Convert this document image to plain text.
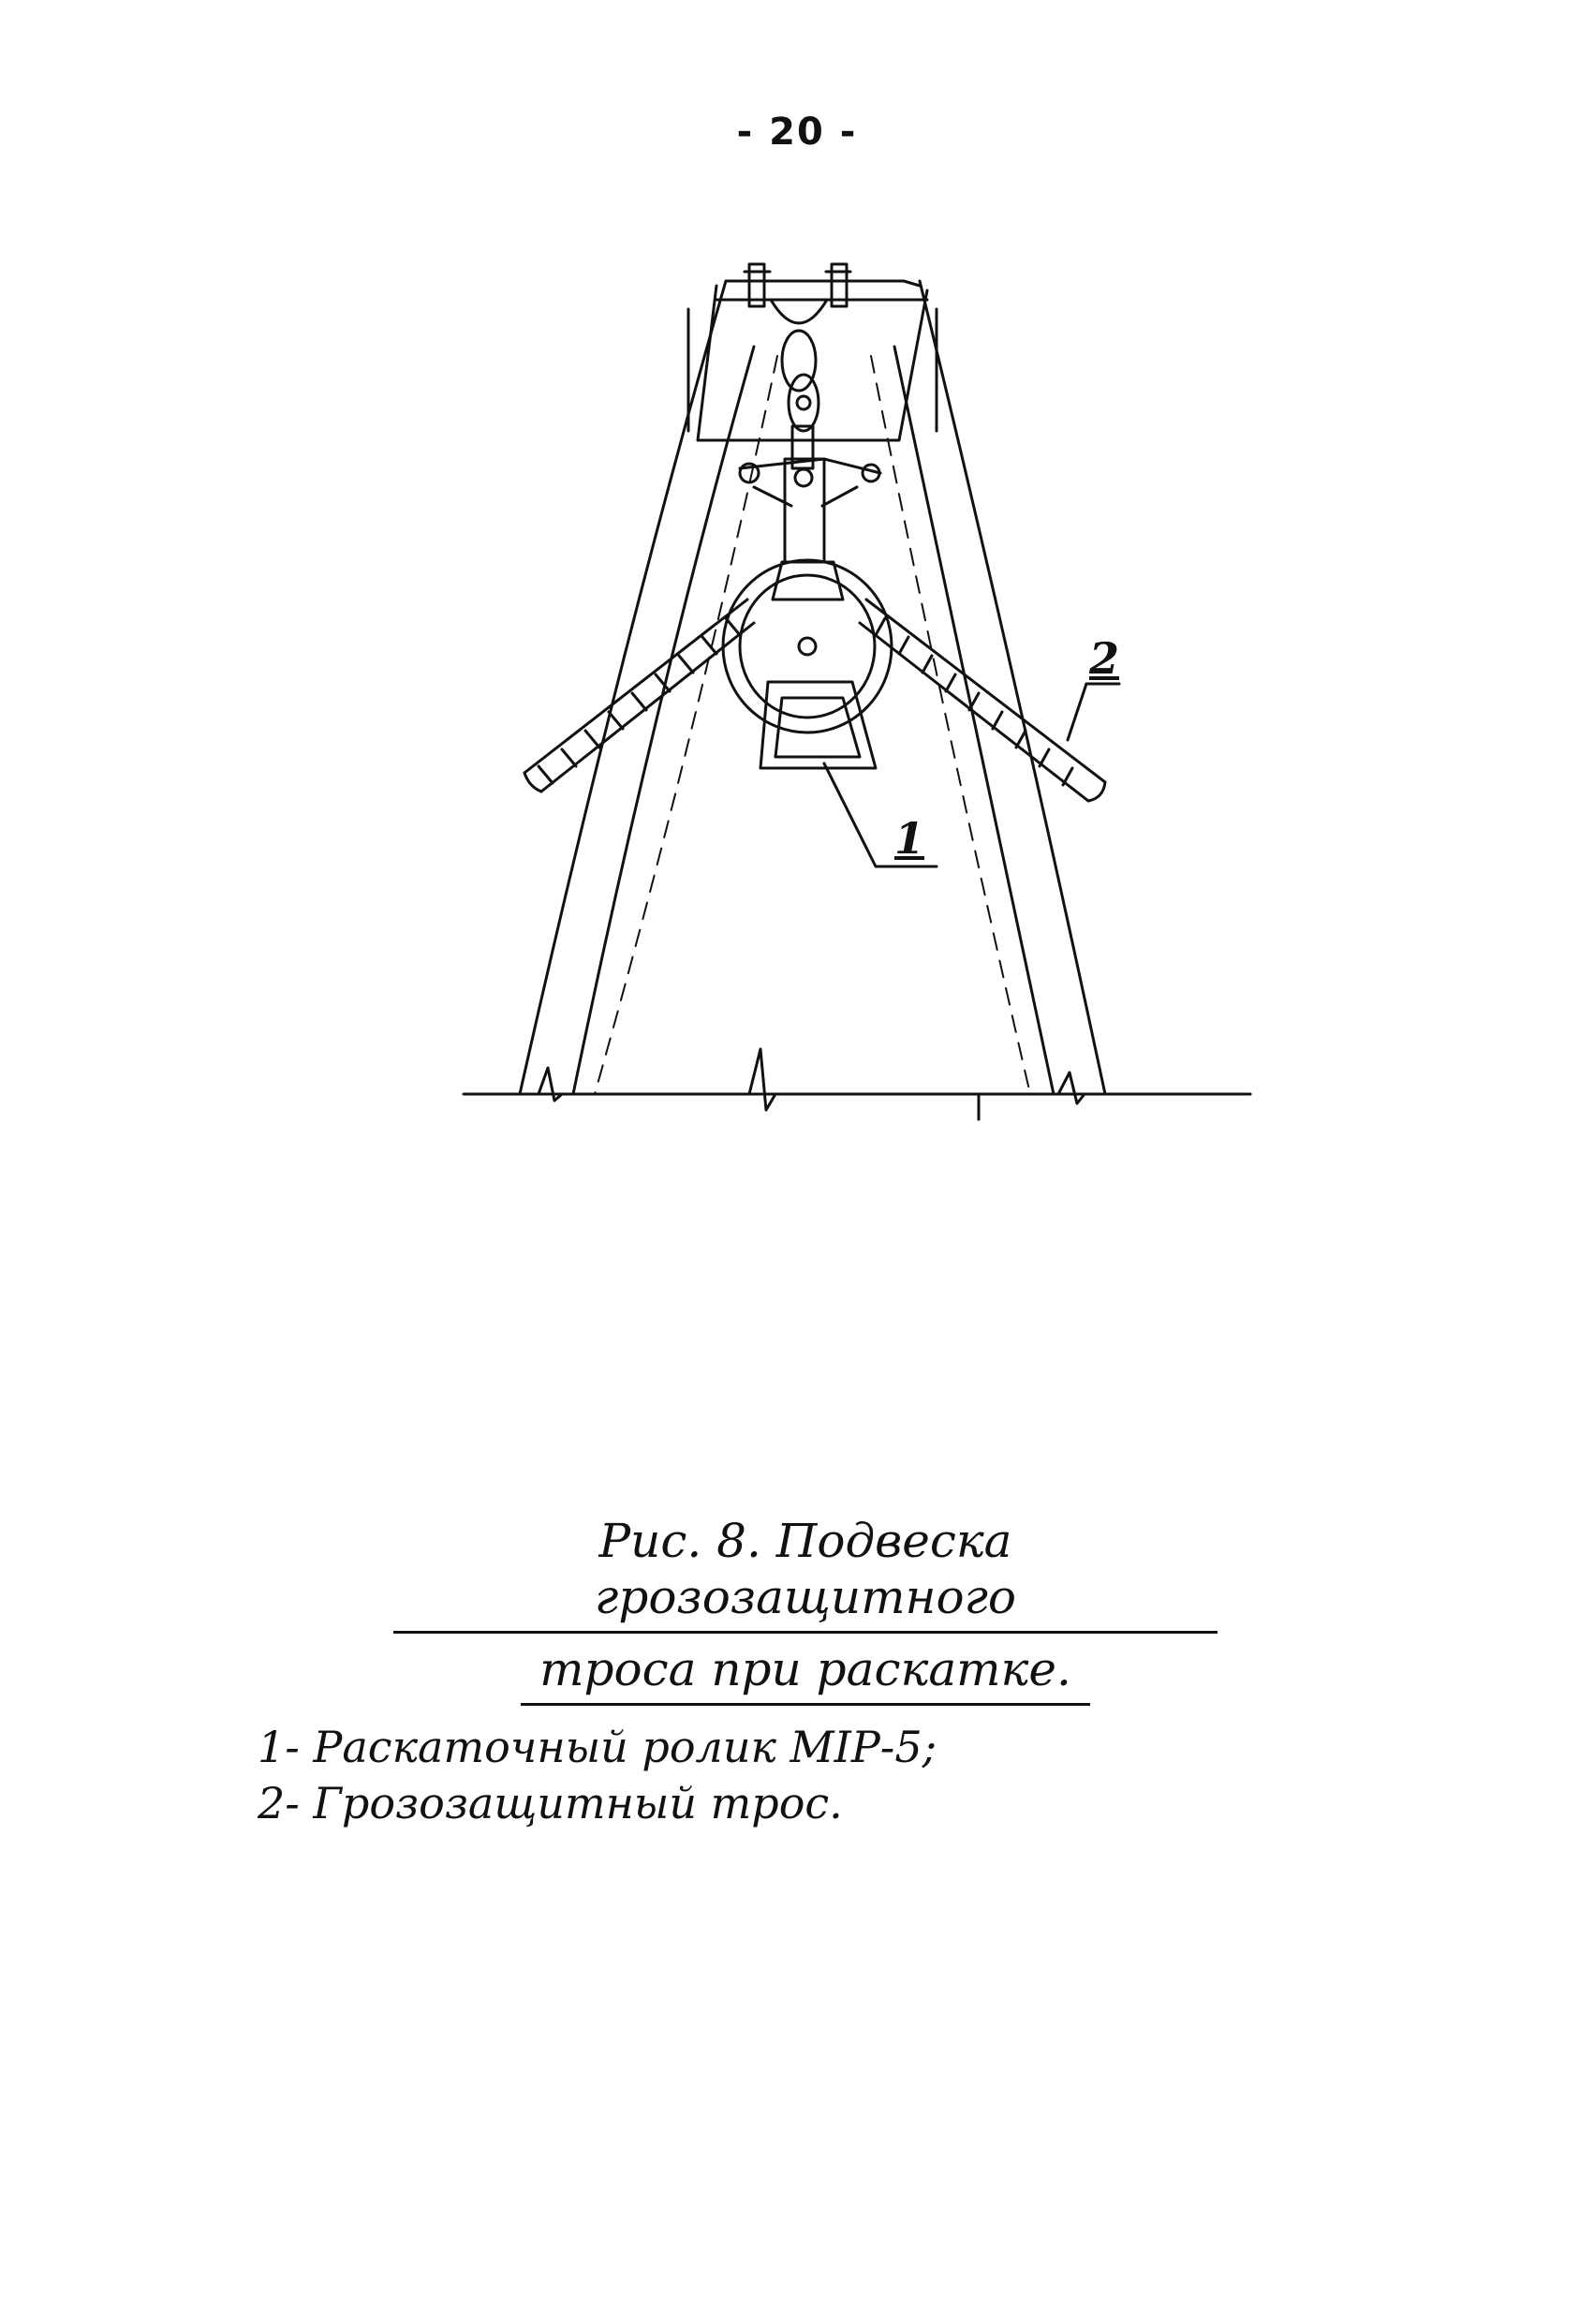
- 20 -
1
2
Рис. 8. Подвеска грозозащитного
троса при раскатке.
1- Раскаточный ролик МІР-5;
2- Грозозащитный трос.
